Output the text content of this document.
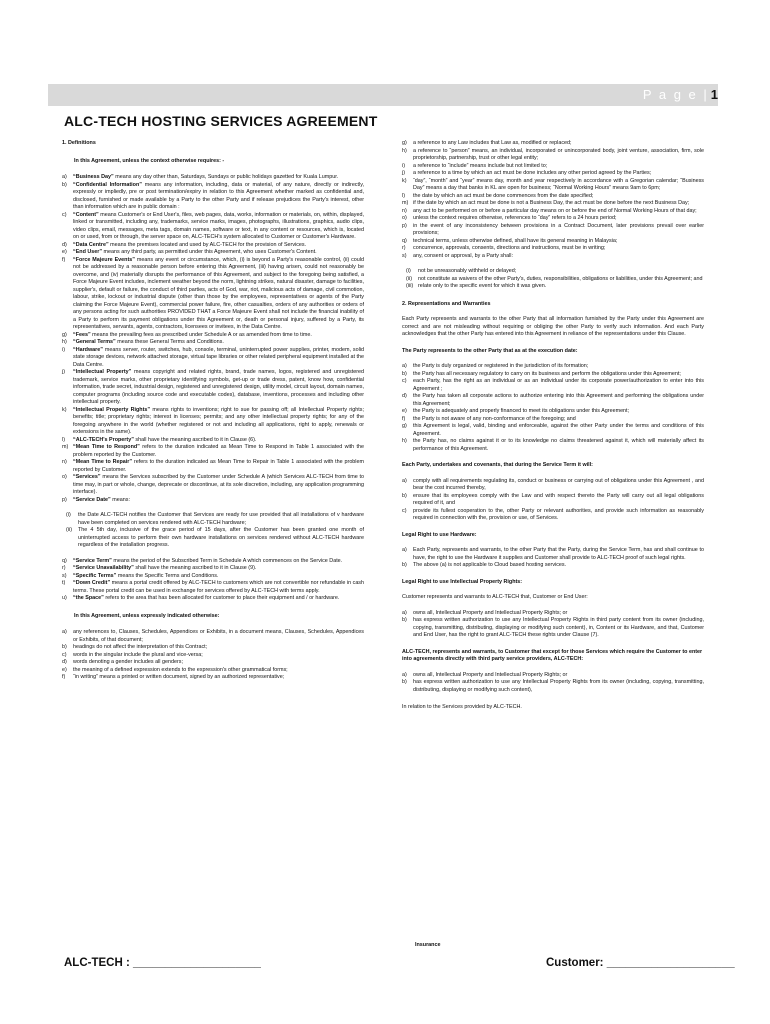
P a g e | 1
ALC-TECH HOSTING SERVICES AGREEMENT
1. Definitions
In this Agreement, unless the context otherwise requires: -
a)	“Business Day” means any day other than, Saturdays, Sundays or public holidays gazetted for Kuala Lumpur.
b)	“Confidential Information” means any information, including, data or material, of any nature, directly or indirectly, expressly or impliedly, pre or post termination/expiry in relation to this Agreement whether marked as confidential and, disclosed, furnished or made available by a Party to the other Party and if release prejudices the Party's interest, other than information which are in public domain :
c)	“Content” means Customer's or End User's, files, web pages, data, works, information or materials, on, within, displayed, linked or transmitted, including any, trademarks, service marks, images, photographs, illustrations, graphics, audio clips, video clips, email, messages, meta tags, domain names, software or text, in any content or resources, which is, located on or used, from or through, the server space on, ALC-TECH's system allocated to Customer or Customer's Hardware.
d)	“Data Centre” means the premises located and used by ALC-TECH for the provision of Services.
e)	“End User” means any third party, as permitted under this Agreement, who uses Customer's Content.
f)	“Force Majeure Events” means any event or circumstance, which, (i) is beyond a Party's reasonable control, (ii) could not be addressed by a reasonable person before entering this Agreement, (iii) having arisen, could not reasonably be overcome, and (iv) materially disrupts the performance of this Agreement, and subject to the foregoing being satisfied, a Force Majeure Event includes, inclement weather beyond the norm, lightning strikes, natural disaster, damage to facilities, supplier's, default or failure, the conduct of third parties, acts of God, war, riot, malicious acts of damage, civil commotion, labour, strike, lockout or industrial dispute (other than those by the employees, representatives or agents of the Party claiming the Force Majeure Event), commercial power failure, fire, other casualties, orders of any authorities or orders of any persons acting for such authorities PROVIDED THAT a Force Majeure Event shall not include the financial inability of a Party to perform its payment obligations under this Agreement or, death or personal injury, suffered by a Party, its representatives, servants, agents, contractors, licensees or invitees, in the Data Centre.
g)	“Fees” means the prevailing fees as prescribed under Schedule A or as amended from time to time.
h)	“General Terms” means these General Terms and Conditions.
i)	“Hardware” means server, router, switches, hub, console, terminal, uninterrupted power supplies, printer, modem, solid state storage devices, network attached storage, virtual tape libraries or other related peripheral equipment installed at the Data Centre.
j)	“Intellectual Property” means copyright and related rights, brand, trade names, logos, registered and unregistered trademark, service marks, other proprietary identifying symbols, get-up or trade dress, patent, know how, confidential information, trade secret, industrial design, registered and unregistered design, utility model, circuit layout, domain names, computer programs (including source code and executable codes), database, inventions, processes and including other intellectual property.
k)	“Intellectual Property Rights” means rights to inventions; right to sue for passing off; all Intellectual Property rights; benefits; title; proprietary rights; interest in licenses; permits; and any other intellectual property rights; for any of the foregoing anywhere in the world (whether registered or not and including all applications, right to apply, renewals or extensions in the same).
l)	“ALC-TECH's Property” shall have the meaning ascribed to it in Clause (6).
m) “Mean Time to Respond” refers to the duration indicated as Mean Time to Respond in Table 1 associated with the problem reported by the Customer.
n)	“Mean Time to Repair” refers to the duration indicated as Mean Time to Repair in Table 1 associated with the problem reported by Customer.
o)	“Services” means the Services subscribed by the Customer under Schedule A (which Services ALC-TECH from time to time may, in part or whole, change, deprecate or discontinue, at its sole discretion, including, any application programming interface).
p)	“Service Date” means:
(i)	the Date ALC-TECH notifies the Customer that Services are ready for use provided that all installations of v hardware have been completed on services rendered with ALC-TECH hardware;
(ii)	The 4 5th day, inclusive of the grace period of 15 days, after the Customer has been granted one month of uninterrupted access to perform their own hardware installations on services rendered without ALC-TECH hardware regardless of the installation progress.
q)	“Service Term” means the period of the Subscribed Term in Schedule A which commences on the Service Date.
r)	“Service Unavailability” shall have the meaning ascribed to it in Clause (9).
s)	“Specific Terms” means the Specific Terms and Conditions.
t)	“Down Credit” means a portal credit offered by ALC-TECH to customers which are not convertible nor refundable in cash terms. These portal credit can be used in exchange for services offered by ALC-TECH with terms apply.
u)	“the Space” refers to the area that has been allocated for customer to place their equipment and / or hardware.
In this Agreement, unless expressly indicated otherwise:
a)	any references to, Clauses, Schedules, Appendices or Exhibits, in a document means, Clauses, Schedules, Appendices or Exhibits, of that document;
b)	headings do not affect the interpretation of this Contract;
c)	words in the singular include the plural and vice-versa;
d)	words denoting a gender includes all genders;
e)	the meaning of a defined expression extends to the expression's other grammatical forms;
f)	“in writing” means a printed or written document, signed by an authorized representative;
g)	a reference to any Law includes that Law as, modified or replaced;
h)	a reference to “person” means, an individual, incorporated or unincorporated body, joint venture, association, firm, sole proprietorship, partnership, trust or other legal entity;
i)	a reference to “include” means include but not limited to;
j)	a reference to a time by which an act must be done includes any other period agreed by the Parties;
k)	“day”, “month” and “year” means day, month and year respectively in accordance with a Gregorian calendar; “Business Day” means a day that banks in KL are open for business; “Normal Working Hours” means 9am to 6pm;
l)	the date by which an act must be done commences from the date specified;
m) if the date by which an act must be done is not a Business Day, the act must be done before the next Business Day;
n)	any act to be performed on or before a particular day means on or before the end of Normal Working Hours of that day;
o)	unless the context requires otherwise, references to “day” refers to a 24 hours period;
p)	in the event of any inconsistency between provisions in a Contract Document, later provisions prevail over earlier provisions;
q)	technical terms, unless otherwise defined, shall have its general meaning in Malaysia;
r)	concurrence, approvals, consents, directions and instructions, must be in writing;
s)	any, consent or approval, by a Party shall:
(i)	not be unreasonably withheld or delayed;
(ii)	not constitute as waivers of the other Party's, duties, responsibilities, obligations or liabilities, under this Agreement; and
(iii) relate only to the specific event for which it was given.
2. Representations and Warranties

Each Party represents and warrants to the other Party that all information furnished by the Party under this Agreement are correct and are not misleading without requiring or obliging the other Party to verify such information. And each Party acknowledges that the other Party has entered into this Agreement in reliance of the representations under this Clause.

The Party represents to the other Party that as at the execution date:
a)	the Party is duly organized or registered in the jurisdiction of its formation;
b)	the Party has all necessary regulatory to carry on its business and perform the obligations under this Agreement;
c)	each Party, has the right as an individual or as an individual under its corporate power/authorization to enter into this Agreement ;
d)	the Party has taken all corporate actions to authorize entering into this Agreement and performing the obligations under this Agreement;
e)	the Party is adequately and properly financed to meet its obligations under this Agreement;
f)	the Party is not aware of any non-conformance of the foregoing; and
g)	this Agreement is legal, valid, binding and enforceable, against the other Party under the terms and conditions of this Agreement.
h)	the Party has, no claims against it or to its knowledge no claims threatened against it, which will materially affect its performance of this Agreement.
Each Party, undertakes and covenants, that during the Service Term it will:
a)	comply with all requirements regulating its, conduct or business or carrying out of obligations under this Agreement , and bear the cost incurred thereby,
b)	ensure that its employees comply with the Law and with respect thereto the Party will carry out all legal obligations required of it, and
c)	provide its fullest cooperation to the, other Party or relevant authorities, and provide such information as reasonably required in connection with the, provision or use, of Services.
Legal Right to use Hardware:
a)	Each Party, represents and warrants, to the other Party that the Party, during the Service Term, has and shall continue to have, the right to use the Hardware it supplies and Customer shall provide to ALC-TECH proof of such legal rights.
b)	The above (a) is not applicable to Cloud based hosting services.
Legal Right to use Intellectual Property Rights:

Customer represents and warrants to ALC-TECH that, Customer or End User:

a)	owns all, Intellectual Property and Intellectual Property Rights; or
b)	has express written authorization to use any Intellectual Property Rights in third party content from its owner (including, copying, transmitting, distributing, displaying or modifying such content), in, Content or its Hardware, and that, Customer and End User, has the right to grant ALC-TECH these rights under Clause (7).
ALC-TECH, represents and warrants, to Customer that except for those Services which require the Customer to enter into agreements directly with third party service providers, ALC-TECH:
a)	owns all, Intellectual Property and Intellectual Property Rights; or
b)	has express written authorization to use any Intellectual Property Rights from its owner (including, copying, transmitting, distributing, displaying or modifying such content),

In relation to the Services provided by ALC-TECH.

Insurance
ALC-TECH : ____________________	Customer: ____________________
